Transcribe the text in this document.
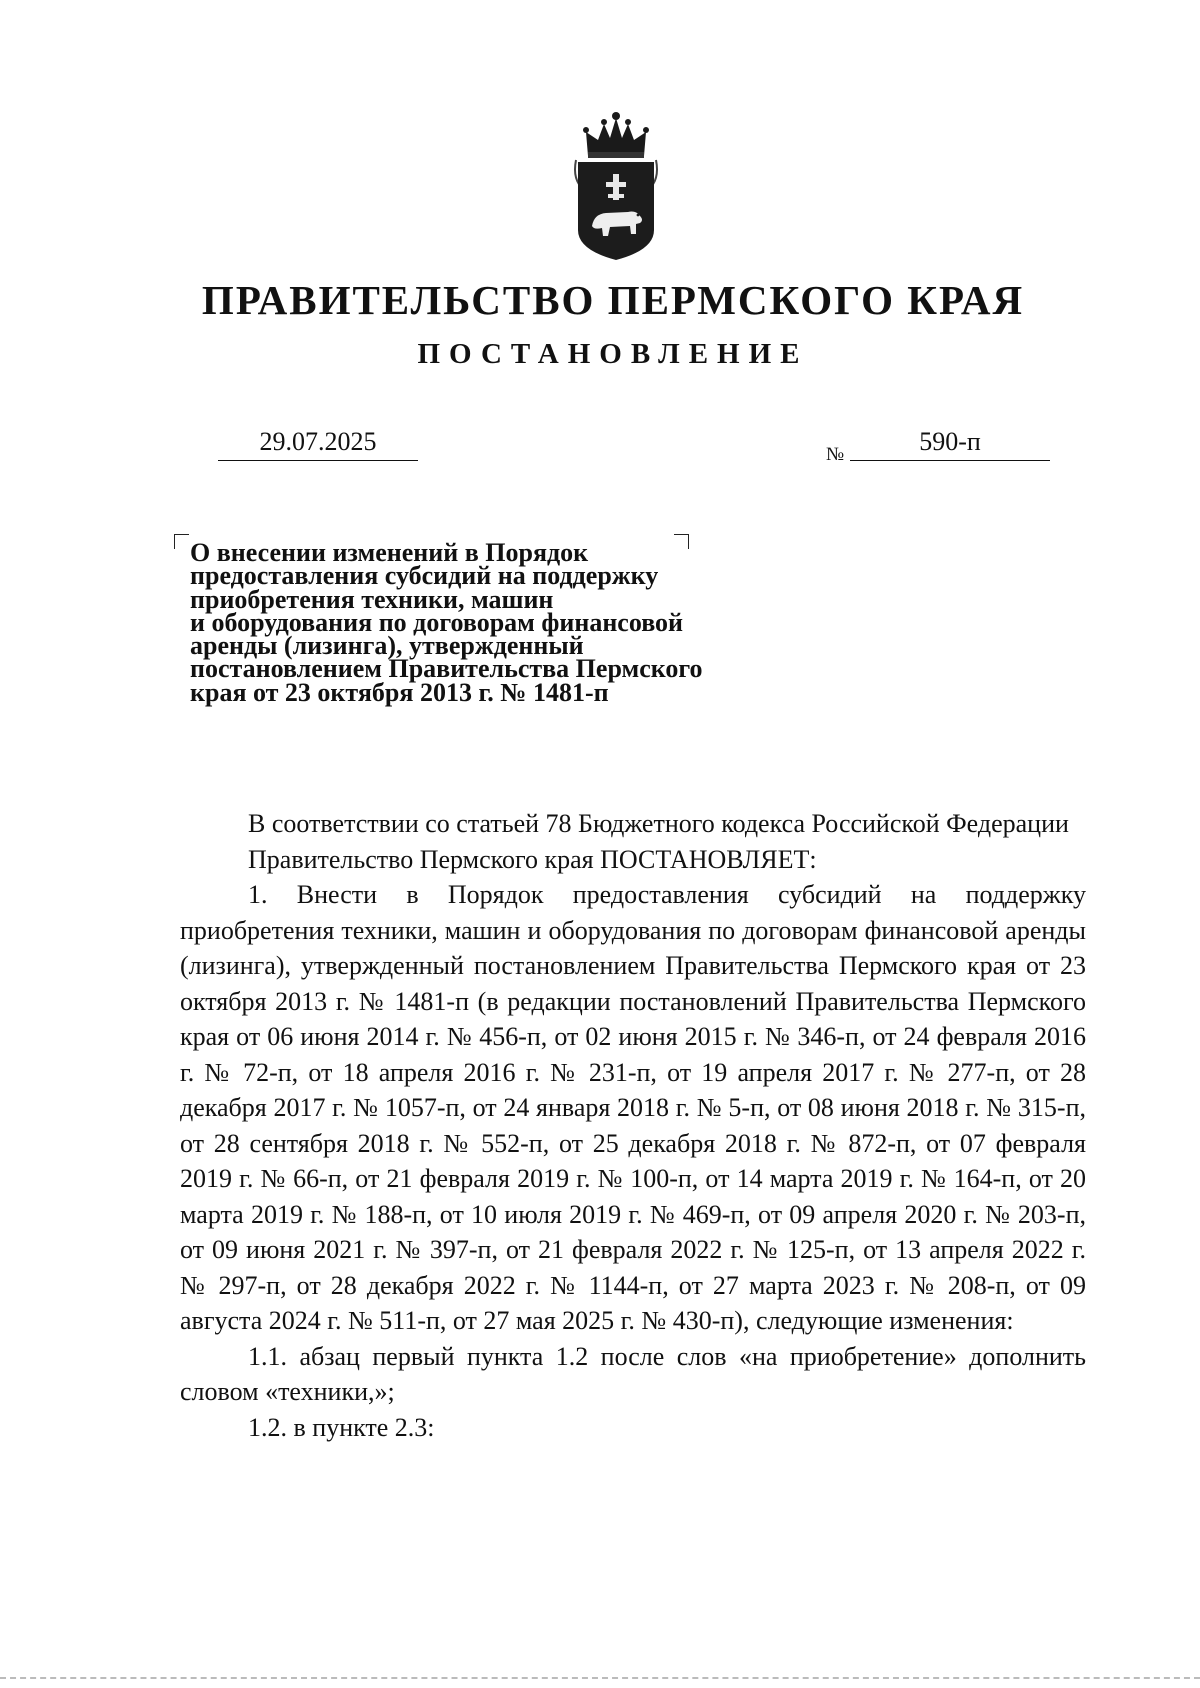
ПРАВИТЕЛЬСТВО ПЕРМСКОГО КРАЯ
ПОСТАНОВЛЕНИЕ
29.07.2025	№	590-п
О внесении изменений в Порядок
предоставления субсидий на поддержку
приобретения техники, машин
и оборудования по договорам финансовой
аренды (лизинга), утвержденный
постановлением Правительства Пермского
края от 23 октября 2013 г. № 1481-п

В соответствии со статьей 78 Бюджетного кодекса Российской Федерации

Правительство Пермского края ПОСТАНОВЛЯЕТ:

1. Внести в Порядок предоставления субсидий на поддержку приобретения техники, машин и оборудования по договорам финансовой аренды (лизинга), утвержденный постановлением Правительства Пермского края от 23 октября 2013 г. № 1481-п (в редакции постановлений Правительства Пермского края от 06 июня 2014 г. № 456-п, от 02 июня 2015 г. № 346-п, от 24 февраля 2016 г. № 72-п, от 18 апреля 2016 г. № 231-п, от 19 апреля 2017 г. № 277-п, от 28 декабря 2017 г. № 1057-п, от 24 января 2018 г. № 5-п, от 08 июня 2018 г. № 315-п, от 28 сентября 2018 г. № 552-п, от 25 декабря 2018 г. № 872-п, от 07 февраля 2019 г. № 66-п, от 21 февраля 2019 г. № 100-п, от 14 марта 2019 г. № 164-п, от 20 марта 2019 г. № 188-п, от 10 июля 2019 г. № 469-п, от 09 апреля 2020 г. № 203-п, от 09 июня 2021 г. № 397-п, от 21 февраля 2022 г. № 125-п, от 13 апреля 2022 г. № 297-п, от 28 декабря 2022 г. № 1144-п, от 27 марта 2023 г. № 208-п, от 09 августа 2024 г. № 511-п, от 27 мая 2025 г. № 430-п), следующие изменения:

1.1. абзац первый пункта 1.2 после слов «на приобретение» дополнить словом «техники,»;

1.2. в пункте 2.3:
